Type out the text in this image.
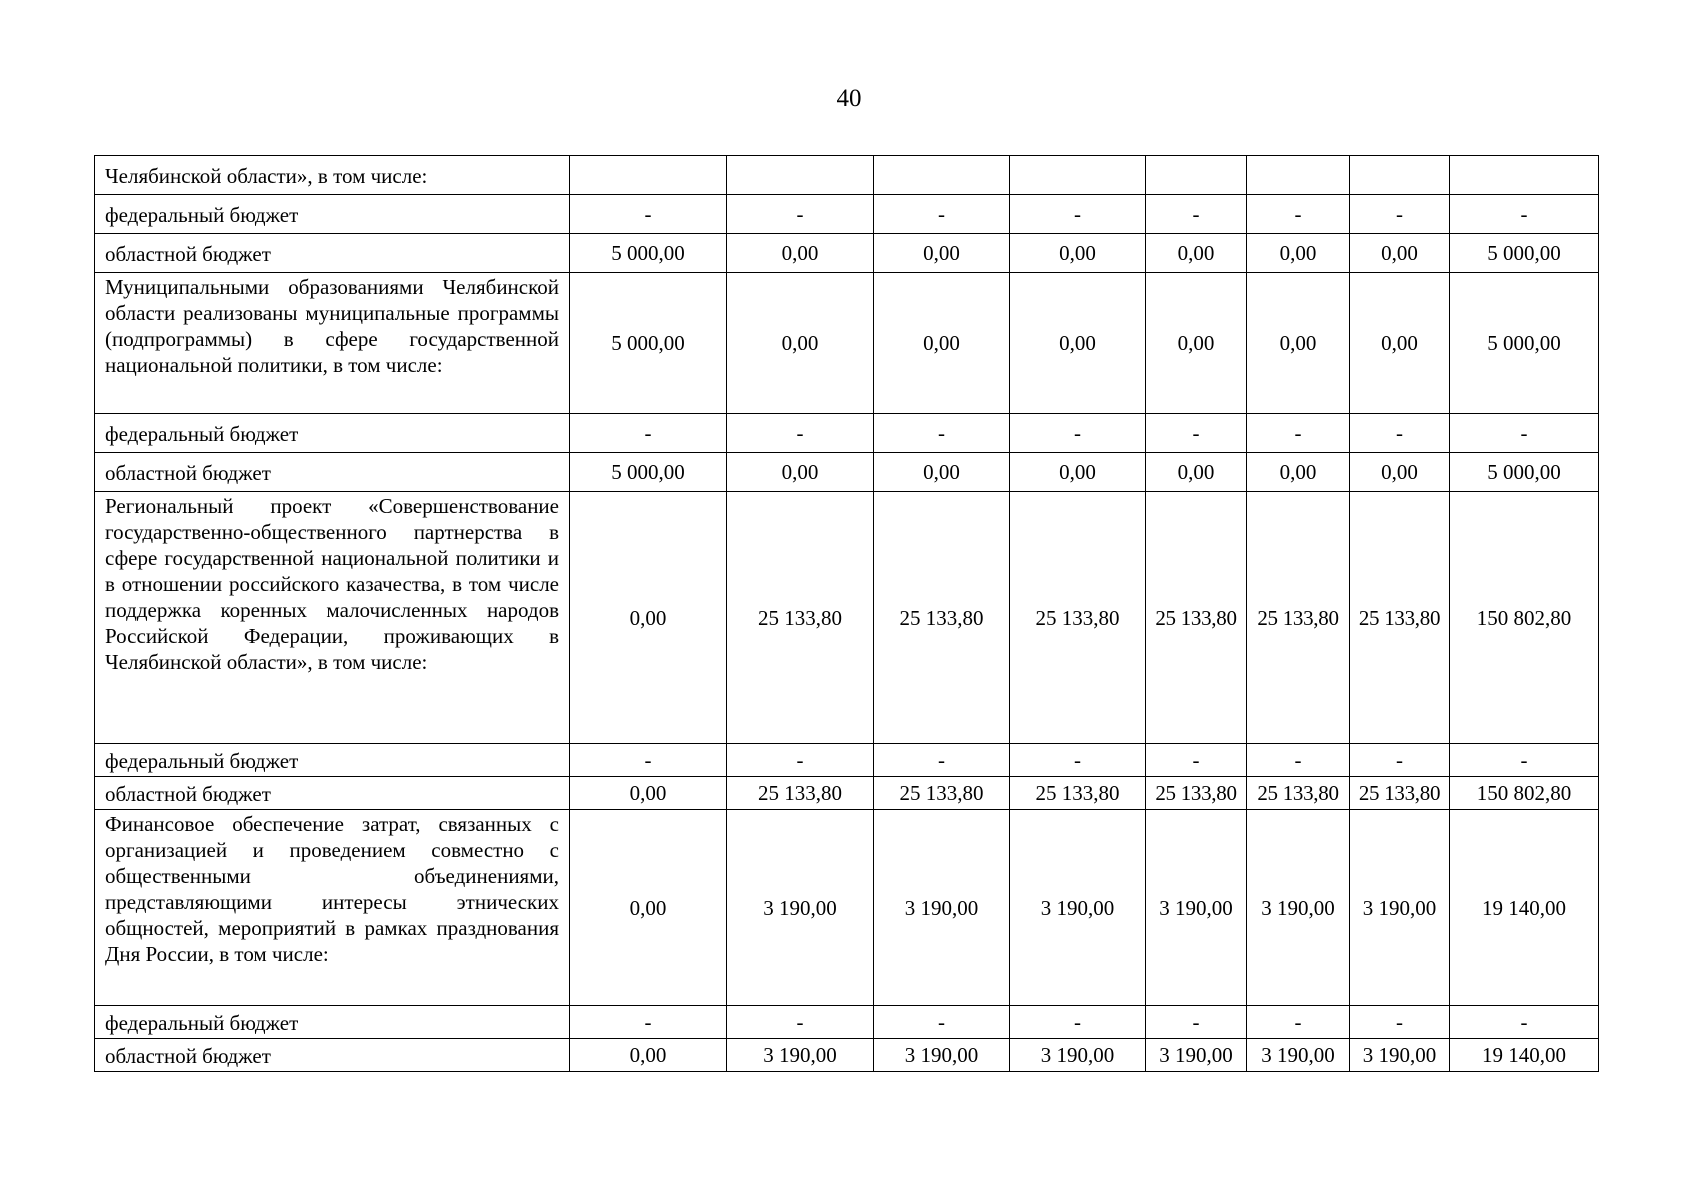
40
Челябинской области», в том числе:								
федеральный бюджет	-	-	-	-	-	-	-	-
областной бюджет	5 000,00	0,00	0,00	0,00	0,00	0,00	0,00	5 000,00
Муниципальными образованиями Челябинской области реализованы муниципальные программы (подпрограммы) в сфере государственной национальной политики, в том числе:	5 000,00	0,00	0,00	0,00	0,00	0,00	0,00	5 000,00
федеральный бюджет	-	-	-	-	-	-	-	-
областной бюджет	5 000,00	0,00	0,00	0,00	0,00	0,00	0,00	5 000,00
Региональный проект «Совершенствование государственно-общественного партнерства в сфере государственной национальной политики и в отношении российского казачества, в том числе поддержка коренных малочисленных народов Российской Федерации, проживающих в Челябинской области», в том числе:	0,00	25 133,80	25 133,80	25 133,80	25 133,80	25 133,80	25 133,80	150 802,80
федеральный бюджет	-	-	-	-	-	-	-	-
областной бюджет	0,00	25 133,80	25 133,80	25 133,80	25 133,80	25 133,80	25 133,80	150 802,80
Финансовое обеспечение затрат, связанных с организацией и проведением совместно с общественными объединениями, представляющими интересы этнических общностей, мероприятий в рамках празднования Дня России, в том числе:	0,00	3 190,00	3 190,00	3 190,00	3 190,00	3 190,00	3 190,00	19 140,00
федеральный бюджет	-	-	-	-	-	-	-	-
областной бюджет	0,00	3 190,00	3 190,00	3 190,00	3 190,00	3 190,00	3 190,00	19 140,00
